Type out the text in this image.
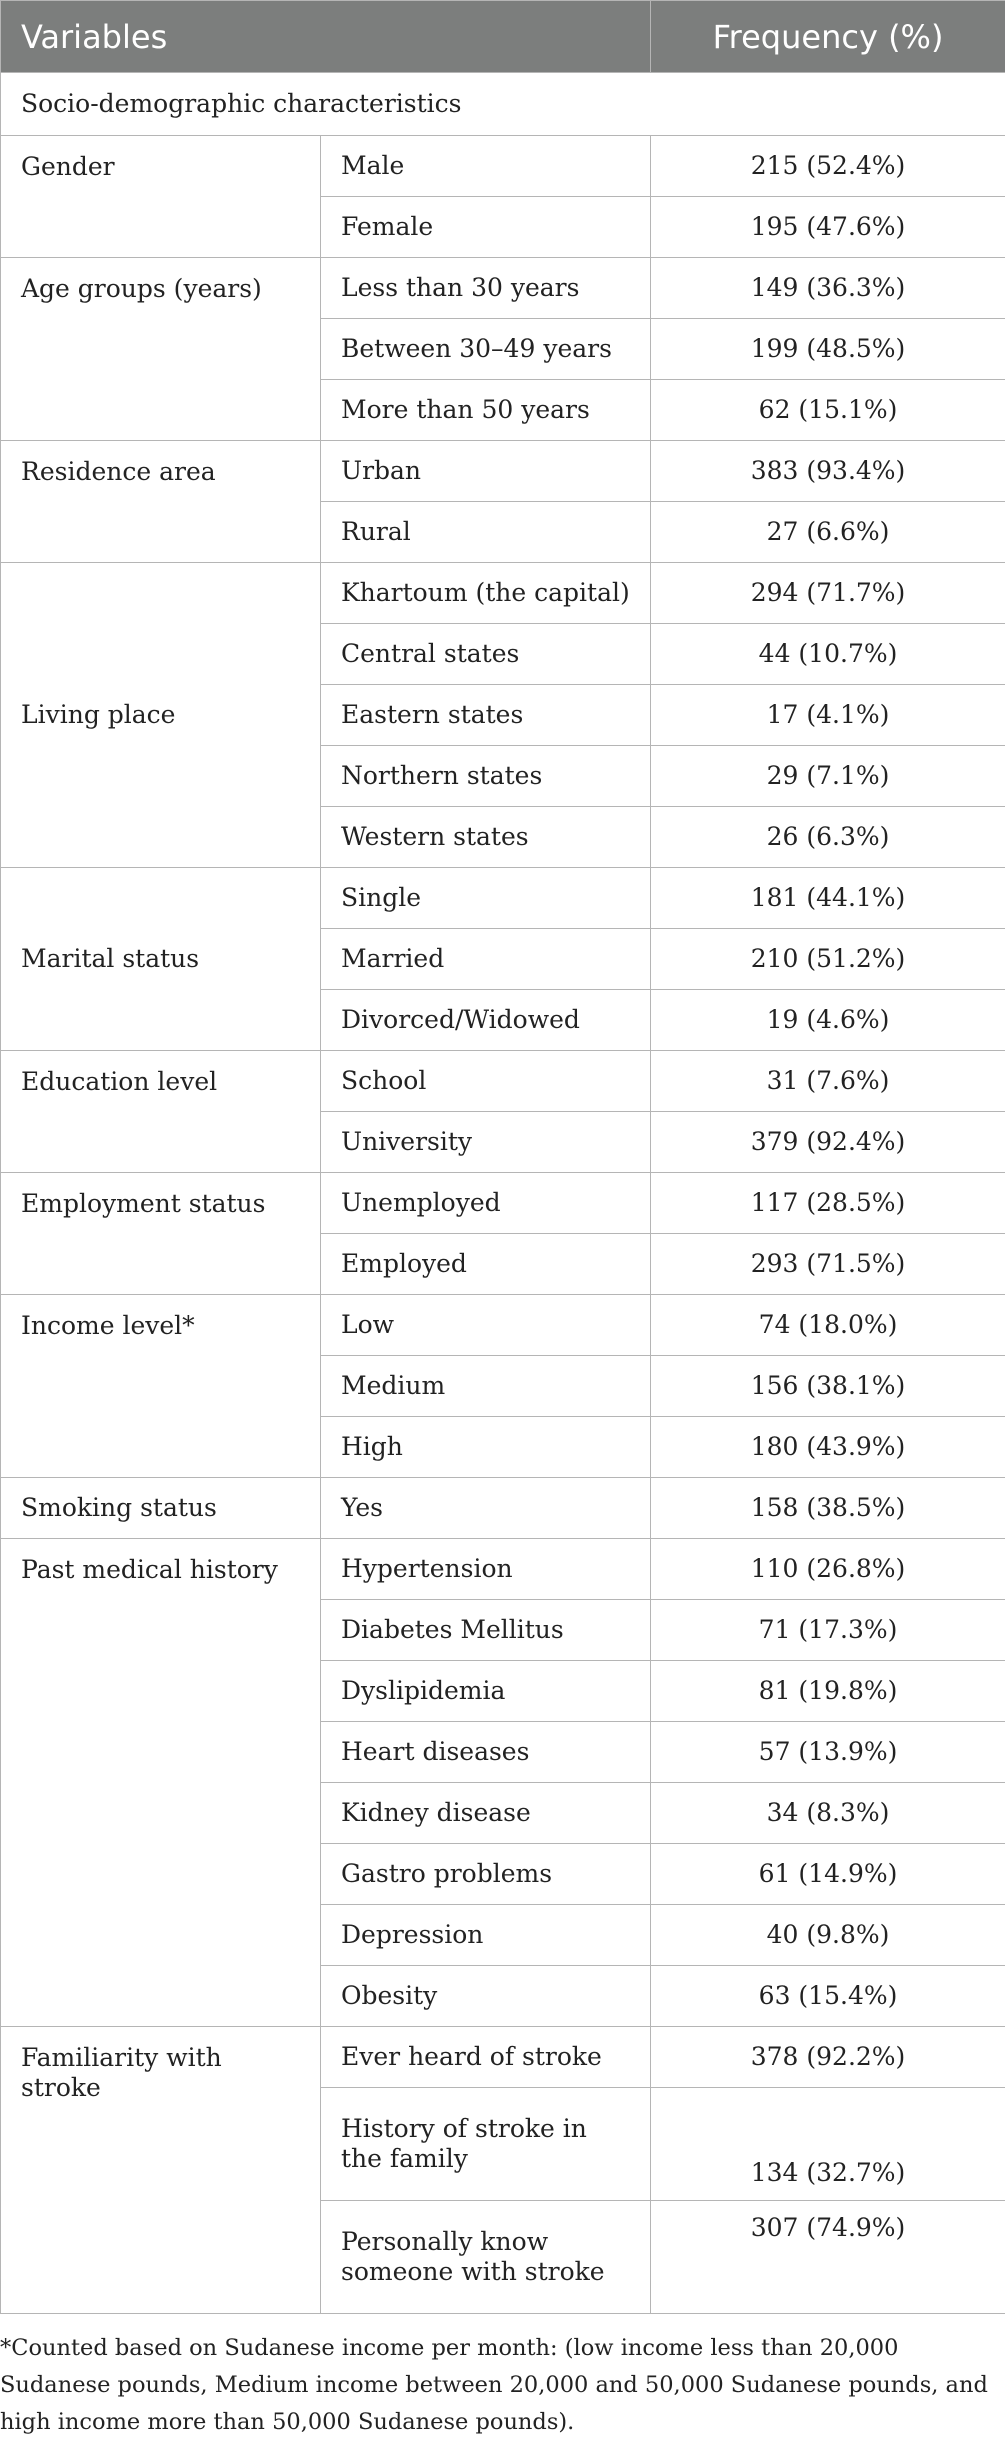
Variables		Frequency (%)
Socio-demographic characteristics		
Gender	Male	215 (52.4%)
	Female	195 (47.6%)
Age groups (years)	Less than 30 years	149 (36.3%)
	Between 30–49 years	199 (48.5%)
	More than 50 years	62 (15.1%)
Residence area	Urban	383 (93.4%)
	Rural	27 (6.6%)
Living place	Khartoum (the capital)	294 (71.7%)
	Central states	44 (10.7%)
	Eastern states	17 (4.1%)
	Northern states	29 (7.1%)
	Western states	26 (6.3%)
Marital status	Single	181 (44.1%)
	Married	210 (51.2%)
	Divorced/Widowed	19 (4.6%)
Education level	School	31 (7.6%)
	University	379 (92.4%)
Employment status	Unemployed	117 (28.5%)
	Employed	293 (71.5%)
Income level*	Low	74 (18.0%)
	Medium	156 (38.1%)
	High	180 (43.9%)
Smoking status	Yes	158 (38.5%)
Past medical history	Hypertension	110 (26.8%)
	Diabetes Mellitus	71 (17.3%)
	Dyslipidemia	81 (19.8%)
	Heart diseases	57 (13.9%)
	Kidney disease	34 (8.3%)
	Gastro problems	61 (14.9%)
	Depression	40 (9.8%)
	Obesity	63 (15.4%)
Familiarity with stroke	Ever heard of stroke	378 (92.2%)
	History of stroke in the family	134 (32.7%)
	Personally know someone with stroke	307 (74.9%)
*Counted based on Sudanese income per month: (low income less than 20,000 Sudanese pounds, Medium income between 20,000 and 50,000 Sudanese pounds, and high income more than 50,000 Sudanese pounds).
